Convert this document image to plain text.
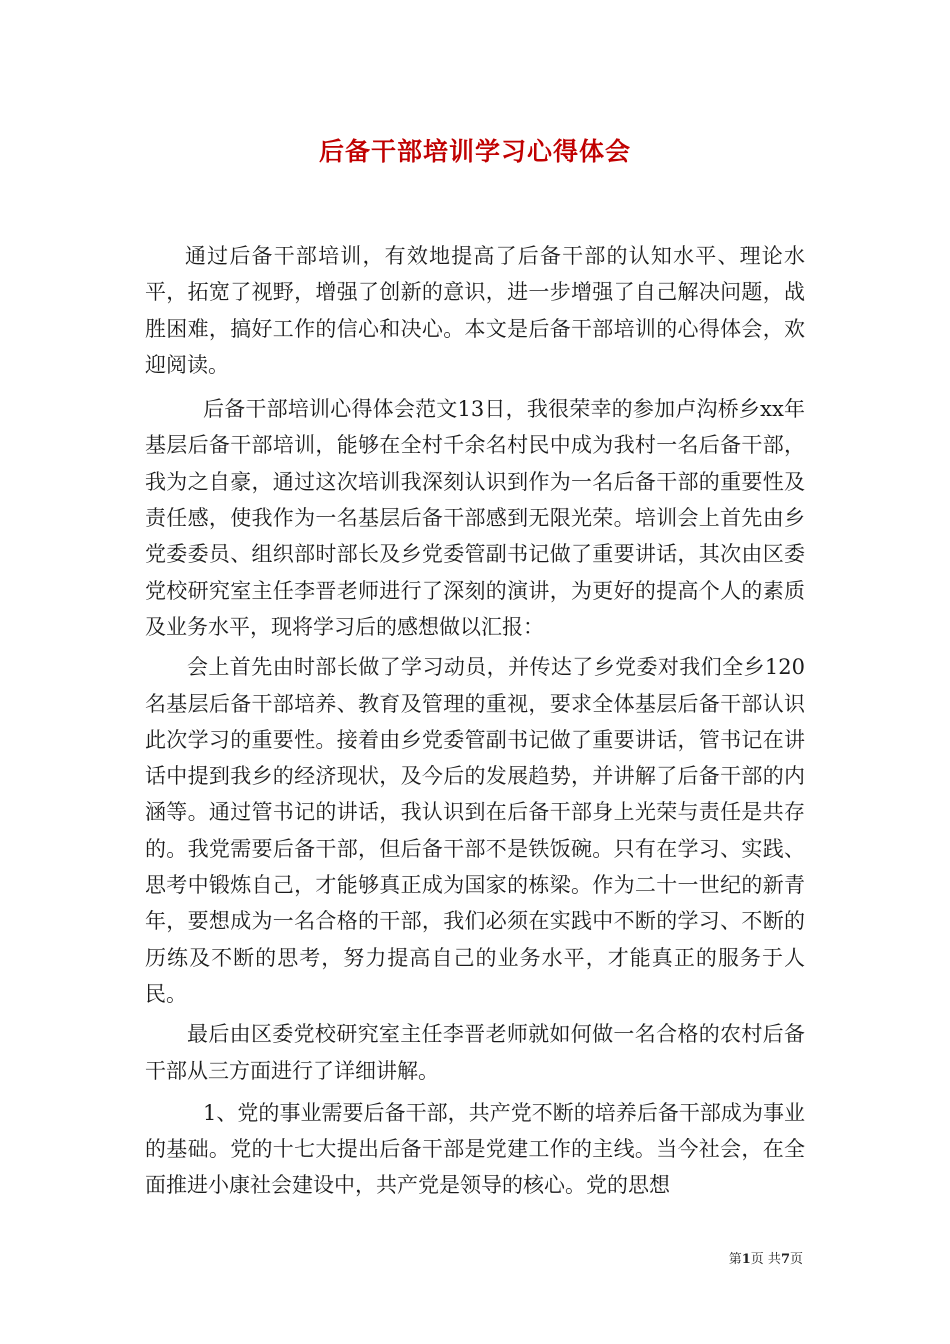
后备干部培训学习心得体会

通过后备干部培训，有效地提高了后备干部的认知水平、理论水平，拓宽了视野，增强了创新的意识，进一步增强了自己解决问题，战胜困难，搞好工作的信心和决心。本文是后备干部培训的心得体会，欢迎阅读。

后备干部培训心得体会范文13日，我很荣幸的参加卢沟桥乡xx年基层后备干部培训，能够在全村千余名村民中成为我村一名后备干部，我为之自豪，通过这次培训我深刻认识到作为一名后备干部的重要性及责任感，使我作为一名基层后备干部感到无限光荣。培训会上首先由乡党委委员、组织部时部长及乡党委管副书记做了重要讲话，其次由区委党校研究室主任李晋老师进行了深刻的演讲，为更好的提高个人的素质及业务水平，现将学习后的感想做以汇报：

会上首先由时部长做了学习动员，并传达了乡党委对我们全乡120名基层后备干部培养、教育及管理的重视，要求全体基层后备干部认识此次学习的重要性。接着由乡党委管副书记做了重要讲话，管书记在讲话中提到我乡的经济现状，及今后的发展趋势，并讲解了后备干部的内涵等。通过管书记的讲话，我认识到在后备干部身上光荣与责任是共存的。我党需要后备干部，但后备干部不是铁饭碗。只有在学习、实践、思考中锻炼自己，才能够真正成为国家的栋梁。作为二十一世纪的新青年，要想成为一名合格的干部，我们必须在实践中不断的学习、不断的历练及不断的思考，努力提高自己的业务水平，才能真正的服务于人民。

最后由区委党校研究室主任李晋老师就如何做一名合格的农村后备干部从三方面进行了详细讲解。

1、党的事业需要后备干部，共产党不断的培养后备干部成为事业的基础。党的十七大提出后备干部是党建工作的主线。当今社会，在全面推进小康社会建设中，共产党是领导的核心。党的思想

第1页 共7页
